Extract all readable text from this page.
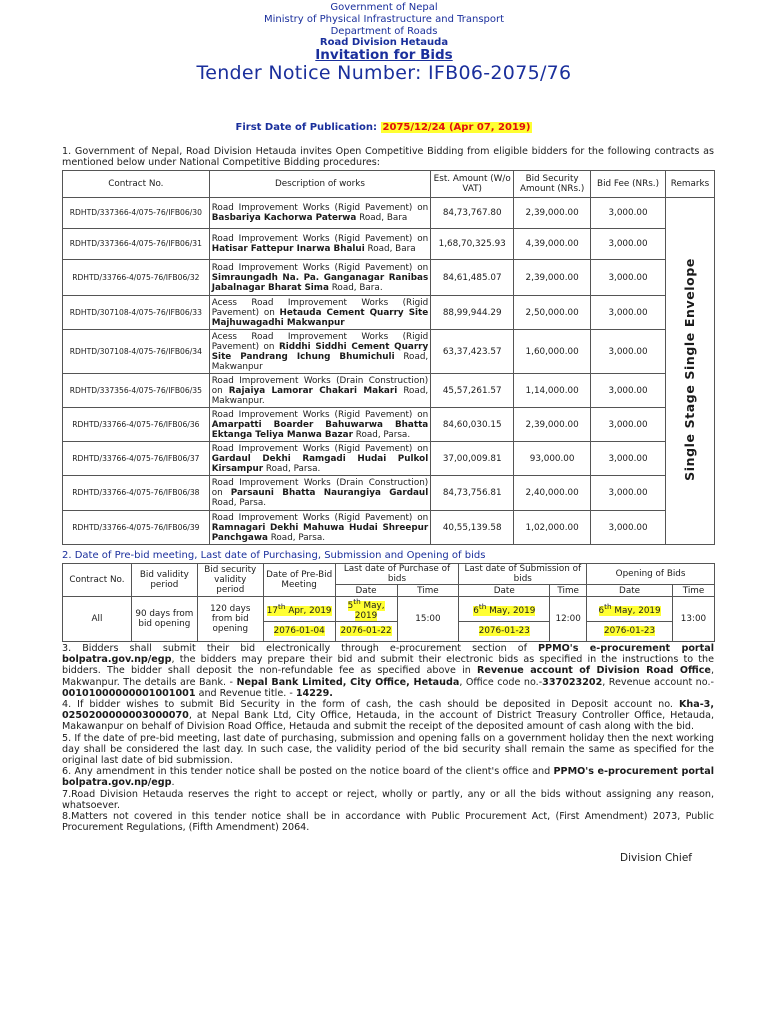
Government of Nepal
Ministry of Physical Infrastructure and Transport
Department of Roads
Road Division Hetauda
Invitation for Bids
Tender Notice Number: IFB06-2075/76
First Date of Publication: 2075/12/24 (Apr 07, 2019)
1. Government of Nepal, Road Division Hetauda invites Open Competitive Bidding from eligible bidders for the following contracts as mentioned below under National Competitive Bidding procedures:
Contract No.	Description of works	Est. Amount (W/o VAT)	Bid Security Amount (NRs.)	Bid Fee (NRs.)	Remarks
RDHTD/337366-4/075-76/IFB06/30	Road Improvement Works (Rigid Pavement) on Basbariya Kachorwa Paterwa Road, Bara	84,73,767.80	2,39,000.00	3,000.00	Single Stage Single Envelope
RDHTD/337366-4/075-76/IFB06/31	Road Improvement Works (Rigid Pavement) on Hatisar Fattepur Inarwa Bhalui Road, Bara	1,68,70,325.93	4,39,000.00	3,000.00	
RDHTD/33766-4/075-76/IFB06/32	Road Improvement Works (Rigid Pavement) on Simraungadh Na. Pa. Ganganagar Ranibas Jabalnagar Bharat Sima Road, Bara.	84,61,485.07	2,39,000.00	3,000.00	
RDHTD/307108-4/075-76/IFB06/33	Acess Road Improvement Works (Rigid Pavement) on Hetauda Cement Quarry Site Majhuwagadhi Makwanpur	88,99,944.29	2,50,000.00	3,000.00	
RDHTD/307108-4/075-76/IFB06/34	Acess Road Improvement Works (Rigid Pavement) on Riddhi Siddhi Cement Quarry Site Pandrang Ichung Bhumichuli Road, Makwanpur	63,37,423.57	1,60,000.00	3,000.00	
RDHTD/337356-4/075-76/IFB06/35	Road Improvement Works (Drain Construction) on Rajaiya Lamorar Chakari Makari Road, Makwanpur.	45,57,261.57	1,14,000.00	3,000.00	
RDHTD/33766-4/075-76/IFB06/36	Road Improvement Works (Rigid Pavement) on Amarpatti Boarder Bahuwarwa Bhatta Ektanga Teliya Manwa Bazar Road, Parsa.	84,60,030.15	2,39,000.00	3,000.00	
RDHTD/33766-4/075-76/IFB06/37	Road Improvement Works (Rigid Pavement) on Gardaul Dekhi Ramgadi Hudai Pulkol Kirsampur Road, Parsa.	37,00,009.81	93,000.00	3,000.00	
RDHTD/33766-4/075-76/IFB06/38	Road Improvement Works (Drain Construction) on Parsauni Bhatta Naurangiya Gardaul Road, Parsa.	84,73,756.81	2,40,000.00	3,000.00	
RDHTD/33766-4/075-76/IFB06/39	Road Improvement Works (Rigid Pavement) on Ramnagari Dekhi Mahuwa Hudai Shreepur Panchgawa Road, Parsa.	40,55,139.58	1,02,000.00	3,000.00	
2. Date of Pre-bid meeting, Last date of Purchasing, Submission and Opening of bids
Contract No.	Bid validity period	Bid security validity period	Date of Pre-Bid Meeting	Last date of Purchase of bids		Last date of Submission of bids		Opening of Bids	
				Date	Time	Date	Time	Date	Time
All	90 days from bid opening	120 days from bid opening	17th Apr, 2019	5th May, 2019	15:00	6th May, 2019	12:00	6th May, 2019	13:00
			2076-01-04	2076-01-22		2076-01-23		2076-01-23	
3. Bidders shall submit their bid electronically through e-procurement section of PPMO's e-procurement portal bolpatra.gov.np/egp, the bidders may prepare their bid and submit their electronic bids as specified in the instructions to the bidders. The bidder shall deposit the non-refundable fee as specified above in Revenue account of Division Road Office, Makwanpur. The details are Bank. - Nepal Bank Limited, City Office, Hetauda, Office code no.-337023202, Revenue account no.- 00101000000001001001 and Revenue title. - 14229.
4. If bidder wishes to submit Bid Security in the form of cash, the cash should be deposited in Deposit account no. Kha-3, 0250200000003000070, at Nepal Bank Ltd, City Office, Hetauda, in the account of District Treasury Controller Office, Hetauda, Makawanpur on behalf of Division Road Office, Hetauda and submit the receipt of the deposited amount of cash along with the bid.
5. If the date of pre-bid meeting, last date of purchasing, submission and opening falls on a government holiday then the next working day shall be considered the last day. In such case, the validity period of the bid security shall remain the same as specified for the original last date of bid submission.
6. Any amendment in this tender notice shall be posted on the notice board of the client's office and PPMO's e-procurement portal bolpatra.gov.np/egp.
7.Road Division Hetauda reserves the right to accept or reject, wholly or partly, any or all the bids without assigning any reason, whatsoever.
8.Matters not covered in this tender notice shall be in accordance with Public Procurement Act, (First Amendment) 2073, Public Procurement Regulations, (Fifth Amendment) 2064.
Division Chief
